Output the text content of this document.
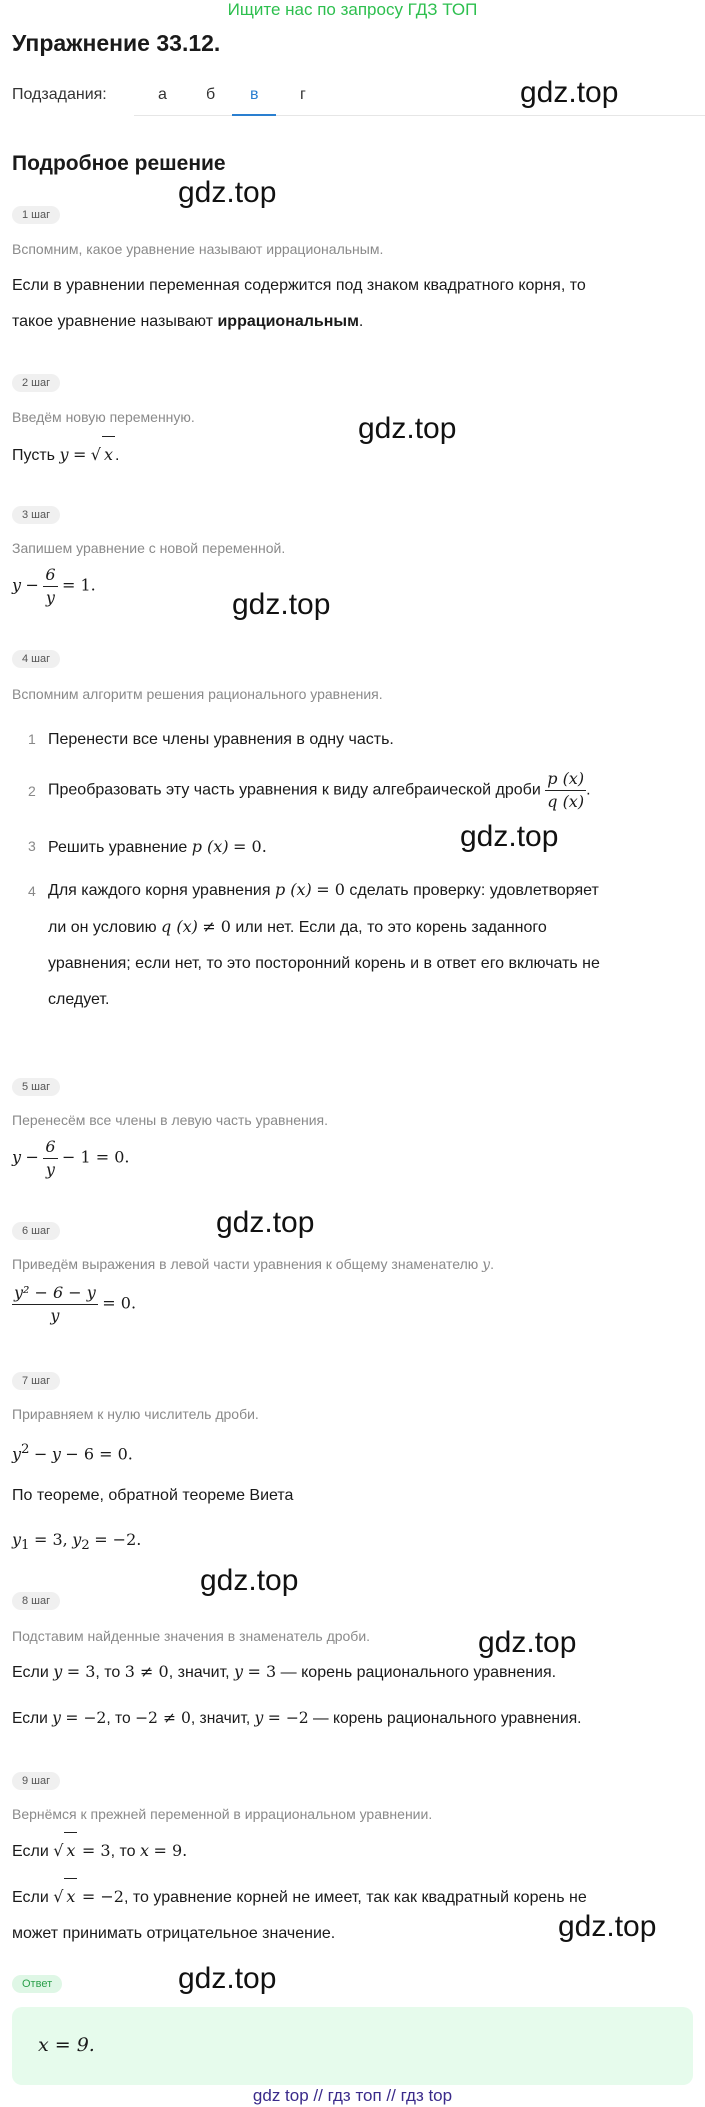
Ищите нас по запросу ГДЗ ТОП
Упражнение 33.12.
Подзадания:	а б в	г	gdz.top
Подробное решение
gdz.top
1 шаг
Вспомним, какое уравнение называют иррациональным.
Если в уравнении переменная содержится под знаком квадратного корня, то
такое уравнение называют иррациональным.
2 шаг
Введём новую переменную.
Пусть y = √ x .
gdz.top
3 шаг
Запишем уравнение с новой переменной.
$y - \frac{6}{y} = 1$.
gdz.top
4 шаг
Вспомним алгоритм решения рационального уравнения.
1 Перенести все члены уравнения в одну часть.
2 Преобразовать эту часть уравнения к виду алгебраической дроби $\frac{p (x)}{q (x)}$ .
3 Решить уравнение p (x) = 0.	gdz.top
4 Для каждого корня уравнения p (x) = 0 сделать проверку: удовлетворяет
ли он условию q (x) ≠ 0 или нет. Если да, то это корень заданного
уравнения; если нет, то это посторонний корень и в ответ его включать не
следует.
5 шаг
Перенесём все члены в левую часть уравнения.
$y - \frac{6}{y} - 1 = 0$.
gdz.top
6 шаг
Приведём выражения в левой части уравнения к общему знаменателю y.
$\frac{\text{y² − 6 − y}}{y} = 0$.
7 шаг
Приравняем к нулю числитель дроби.
$y^2 - y - 6 = 0$.
По теореме, обратной теореме Виета
$y_1 = 3$, $y_2 = -2$.
gdz.top
8 шаг
Подставим найденные значения в знаменатель дроби.	gdz.top
Если y = 3, то 3 ≠ 0, значит, y = 3 — корень рационального уравнения.
Если y = −2, то −2 ≠ 0, значит, y = −2 — корень рационального уравнения.
9 шаг
Вернёмся к прежней переменной в иррациональном уравнении.
Если √ x = 3, то x = 9.
Если √ x = −2, то уравнение корней не имеет, так как квадратный корень не
может принимать отрицательное значение.	gdz.top
Ответ	gdz.top
x = 9.
gdz top // гдз топ // гдз top
